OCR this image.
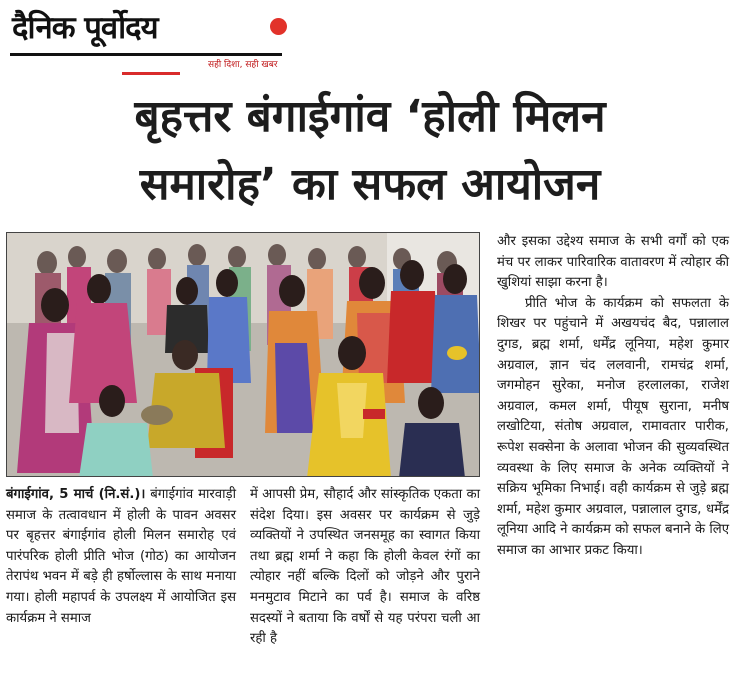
दैनिक पूर्वोदय
सही दिशा, सही खबर
बृहत्तर बंगाईगांव ‘होली मिलन
समारोह’ का सफल आयोजन

बंगाईगांव, 5 मार्च (नि.सं.)। बंगाईगांव मारवाड़ी समाज के तत्वावधान में होली के पावन अवसर पर बृहत्तर बंगाईगांव होली मिलन समारोह एवं पारंपरिक होली प्रीति भोज (गोठ) का आयोजन तेरापंथ भवन में बड़े ही हर्षोल्लास के साथ मनाया गया। होली महापर्व के उपलक्ष्य में आयोजित इस कार्यक्रम ने समाज

में आपसी प्रेम, सौहार्द और सांस्कृतिक एकता का संदेश दिया। इस अवसर पर कार्यक्रम से जुड़े व्यक्तियों ने उपस्थित जनसमूह का स्वागत किया तथा ब्रह्म शर्मा ने कहा कि होली केवल रंगों का त्योहार नहीं बल्कि दिलों को जोड़ने और पुराने मनमुटाव मिटाने का पर्व है। समाज के वरिष्ठ सदस्यों ने बताया कि वर्षों से यह परंपरा चली आ रही है

और इसका उद्देश्य समाज के सभी वर्गों को एक मंच पर लाकर पारिवारिक वातावरण में त्योहार की खुशियां साझा करना है।

प्रीति भोज के कार्यक्रम को सफलता के शिखर पर पहुंचाने में अखयचंद बैद, पन्नालाल दुगड, ब्रह्म शर्मा, धर्मेंद्र लूनिया, महेश कुमार अग्रवाल, ज्ञान चंद ललवानी, रामचंद्र शर्मा, जगमोहन सुरेका, मनोज हरलालका, राजेश अग्रवाल, कमल शर्मा, पीयूष सुराना, मनीष लखोटिया, संतोष अग्रवाल, रामावतार पारीक, रूपेश सक्सेना के अलावा भोजन की सुव्यवस्थित व्यवस्था के लिए समाज के अनेक व्यक्तियों ने सक्रिय भूमिका निभाई। वही कार्यक्रम से जुड़े ब्रह्म शर्मा, महेश कुमार अग्रवाल, पन्नालाल दुगड, धर्मेंद्र लूनिया आदि ने कार्यक्रम को सफल बनाने के लिए समाज का आभार प्रकट किया।
